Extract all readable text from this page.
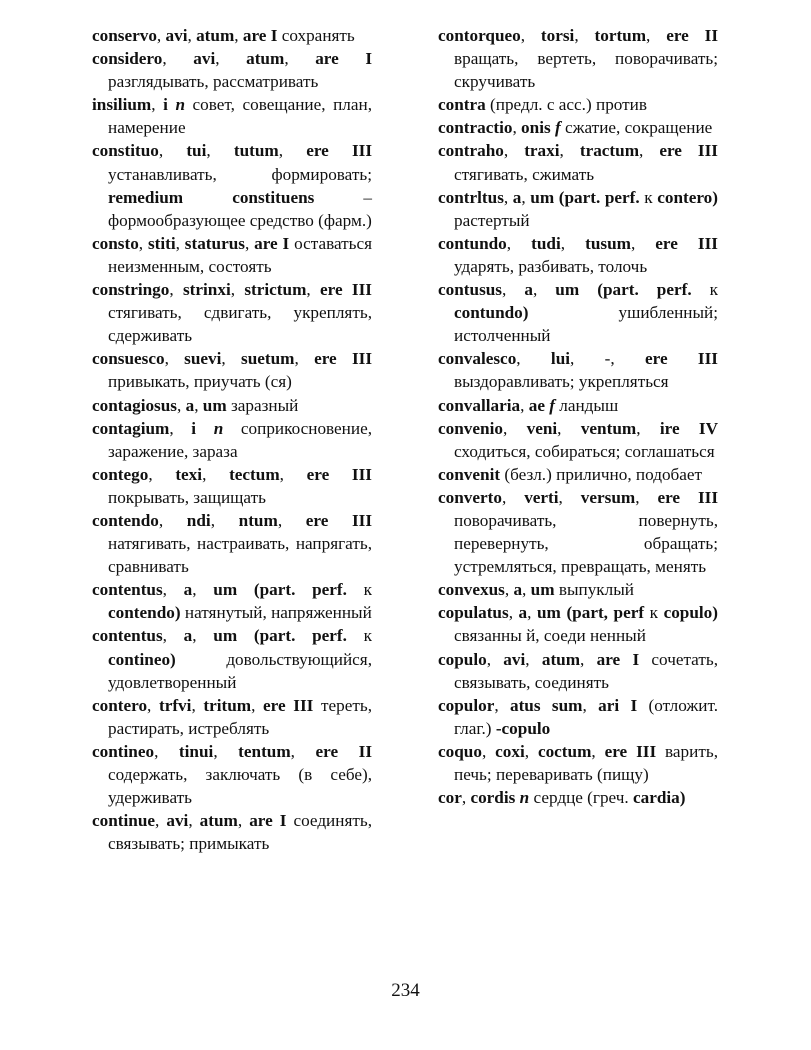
conservo, avi, atum, are I сохранять

considero, avi, atum, are I разглядывать, рассматривать

insilium, i n совет, совещание, план, намерение

constituo, tui, tutum, ere III устанавливать, формировать; remedium constituens – формообразующее средство (фарм.)

consto, stiti, staturus, are I оставаться неизменным, состоять

constringo, strinxi, strictum, ere III стягивать, сдвигать, укреплять, сдерживать

consuesco, suevi, suetum, ere III привыкать, приучать (ся)

contagiosus, a, um заразный

contagium, i n соприкосновение, заражение, зараза

contego, texi, tectum, ere III покрывать, защищать

contendo, ndi, ntum, ere III натягивать, настраивать, напрягать, сравнивать

contentus, a, um (part. perf. к contendo) натянутый, напряженный

contentus, a, um (part. perf. к contineo) довольствующийся, удовлетворенный

contero, trfvi, tritum, ere III тереть, растирать, истреблять

contineo, tinui, tentum, ere II содержать, заключать (в себе), удерживать

continue, avi, atum, are I соединять, связывать; примыкать

contorqueo, torsi, tortum, ere II вращать, вертеть, поворачивать; скручивать

contra (предл. с acc.) против

contractio, onis f сжатие, сокращение

contraho, traxi, tractum, ere III стягивать, сжимать

contrltus, a, um (part. perf. к contero) растертый

contundo, tudi, tusum, ere III ударять, разбивать, толочь

contusus, a, um (part. perf. к contundo) ушибленный; истолченный

convalesco, lui, -, ere III выздоравливать; укрепляться

convallaria, ae f ландыш

convenio, veni, ventum, ire IV сходиться, собираться; соглашаться

convenit (безл.) прилично, подобает

converto, verti, versum, ere III поворачивать, повернуть, перевернуть, обращать; устремляться, превращать, менять

convexus, a, um выпуклый

copulatus, a, um (part, perf к copulo) связанны й, соеди ненный

copulo, avi, atum, are I сочетать, связывать, соединять

copulor, atus sum, ari I (отложит. глаг.) -copulo

coquo, coxi, coctum, ere III варить, печь; переваривать (пищу)

cor, cordis n сердце (греч. cardia)

234
